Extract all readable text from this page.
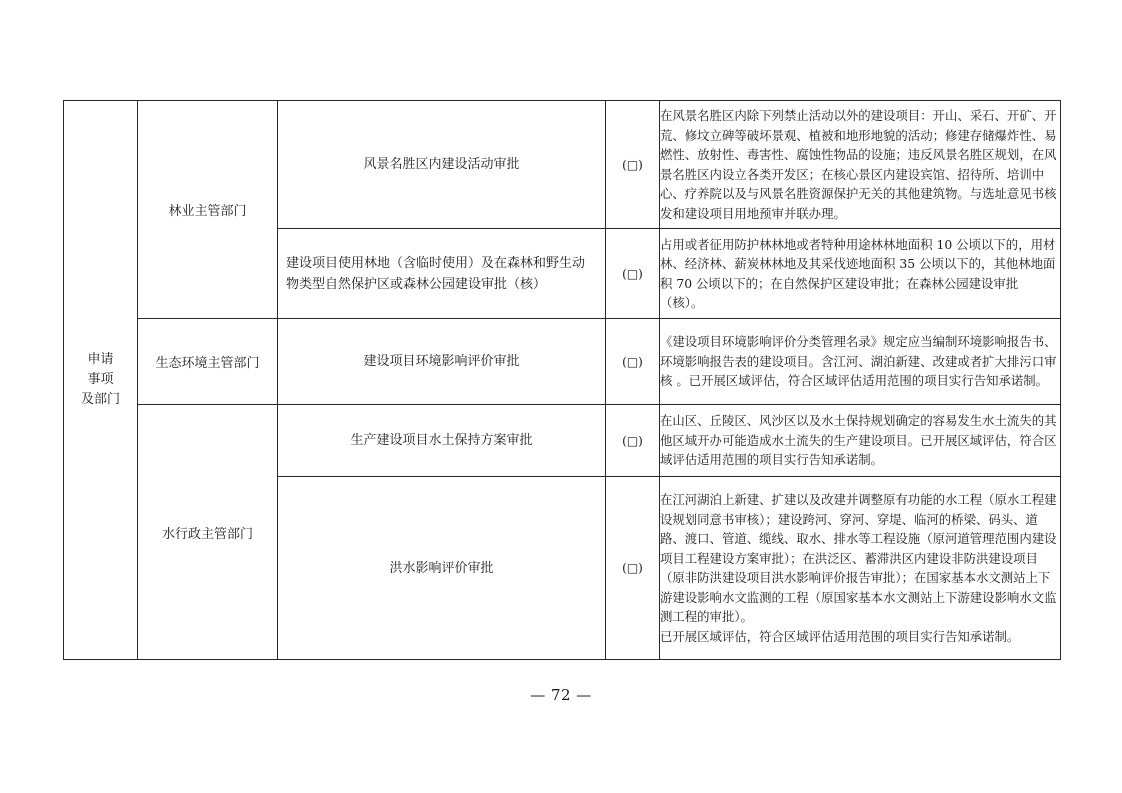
申请
事项
及部门	林业主管部门	风景名胜区内建设活动审批	(□)	在风景名胜区内除下列禁止活动以外的建设项目：开山、采石、开矿、开荒、修坟立碑等破坏景观、植被和地形地貌的活动；修建存储爆炸性、易燃性、放射性、毒害性、腐蚀性物品的设施；违反风景名胜区规划，在风景名胜区内设立各类开发区；在核心景区内建设宾馆、招待所、培训中心、疗养院以及与风景名胜资源保护无关的其他建筑物。与选址意见书核发和建设项目用地预审并联办理。
		建设项目使用林地（含临时使用）及在森林和野生动物类型自然保护区或森林公园建设审批（核）	(□)	占用或者征用防护林林地或者特种用途林林地面积 10 公顷以下的，用材林、经济林、薪炭林林地及其采伐迹地面积 35 公顷以下的，其他林地面积 70 公顷以下的；在自然保护区建设审批；在森林公园建设审批（核）。
	生态环境主管部门	建设项目环境影响评价审批	(□)	《建设项目环境影响评价分类管理名录》规定应当编制环境影响报告书、环境影响报告表的建设项目。含江河、湖泊新建、改建或者扩大排污口审核 。已开展区域评估，符合区域评估适用范围的项目实行告知承诺制。
	水行政主管部门	生产建设项目水土保持方案审批	(□)	在山区、丘陵区、风沙区以及水土保持规划确定的容易发生水土流失的其他区域开办可能造成水土流失的生产建设项目。已开展区域评估，符合区域评估适用范围的项目实行告知承诺制。
		洪水影响评价审批	(□)	在江河湖泊上新建、扩建以及改建并调整原有功能的水工程（原水工程建设规划同意书审核）；建设跨河、穿河、穿堤、临河的桥梁、码头、道路、渡口、管道、缆线、取水、排水等工程设施（原河道管理范围内建设项目工程建设方案审批）；在洪泛区、蓄滞洪区内建设非防洪建设项目（原非防洪建设项目洪水影响评价报告审批）；在国家基本水文测站上下游建设影响水文监测的工程（原国家基本水文测站上下游建设影响水文监测工程的审批）。
已开展区域评估，符合区域评估适用范围的项目实行告知承诺制。
— 72 —
